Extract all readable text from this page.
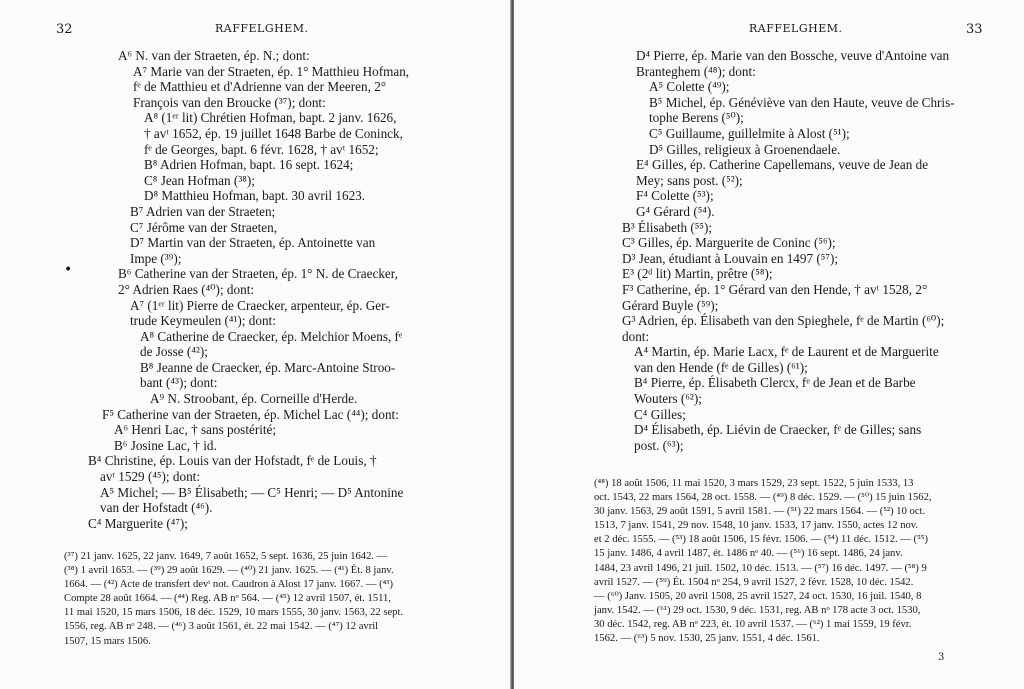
32	RAFFELGHEM.
•
A⁶ N. van der Straeten, ép. N.; dont:
A⁷ Marie van der Straeten, ép. 1° Matthieu Hofman,
fᵉ de Matthieu et d'Adrienne van der Meeren, 2°
François van den Broucke (³⁷); dont:
A⁸ (1ᵉʳ lit) Chrétien Hofman, bapt. 2 janv. 1626,
† avᵗ 1652, ép. 19 juillet 1648 Barbe de Coninck,
fᵉ de Georges, bapt. 6 févr. 1628, † avᵗ 1652;
B⁸ Adrien Hofman, bapt. 16 sept. 1624;
C⁸ Jean Hofman (³⁸);
D⁸ Matthieu Hofman, bapt. 30 avril 1623.
B⁷ Adrien van der Straeten;
C⁷ Jérôme van der Straeten,
D⁷ Martin van der Straeten, ép. Antoinette van
Impe (³⁹);
B⁶ Catherine van der Straeten, ép. 1° N. de Craecker,
2° Adrien Raes (⁴⁰); dont:
A⁷ (1ᵉʳ lit) Pierre de Craecker, arpenteur, ép. Ger-
trude Keymeulen (⁴¹); dont:
A⁸ Catherine de Craecker, ép. Melchior Moens, fᵉ
de Josse (⁴²);
B⁸ Jeanne de Craecker, ép. Marc-Antoine Stroo-
bant (⁴³); dont:
A⁹ N. Stroobant, ép. Corneille d'Herde.
F⁵ Catherine van der Straeten, ép. Michel Lac (⁴⁴); dont:
A⁶ Henri Lac, † sans postérité;
B⁶ Josine Lac, † id.
B⁴ Christine, ép. Louis van der Hofstadt, fᵉ de Louis, †
avᵗ 1529 (⁴⁵); dont:
A⁵ Michel; — B⁵ Élisabeth; — C⁵ Henri; — D⁵ Antonine
van der Hofstadt (⁴⁶).
C⁴ Marguerite (⁴⁷);
(³⁷) 21 janv. 1625, 22 janv. 1649, 7 août 1652, 5 sept. 1636, 25 juin 1642. —
(³⁸) 1 avril 1653. — (³⁹) 29 août 1629. — (⁴⁰) 21 janv. 1625. — (⁴¹) Ét. 8 janv.
1664. — (⁴²) Acte de transfert devᵗ not. Caudron à Alost 17 janv. 1667. — (⁴³)
Compte 28 août 1664. — (⁴⁴) Reg. AB nᵒ 564. — (⁴⁵) 12 avril 1507, ét. 1511,
11 mai 1520, 15 mars 1506, 18 déc. 1529, 10 mars 1555, 30 janv. 1563, 22 sept.
1556, reg. AB nᵒ 248. — (⁴⁶) 3 août 1561, ét. 22 mai 1542. — (⁴⁷) 12 avril
1507, 15 mars 1506.
RAFFELGHEM.	33
D⁴ Pierre, ép. Marie van den Bossche, veuve d'Antoine van
Branteghem (⁴⁸); dont:
A⁵ Colette (⁴⁹);
B⁵ Michel, ép. Généviève van den Haute, veuve de Chris-
tophe Berens (⁵⁰);
C⁵ Guillaume, guillelmite à Alost (⁵¹);
D⁵ Gilles, religieux à Groenendaele.
E⁴ Gilles, ép. Catherine Capellemans, veuve de Jean de
Mey; sans post. (⁵²);
F⁴ Colette (⁵³);
G⁴ Gérard (⁵⁴).
B³ Élisabeth (⁵⁵);
C³ Gilles, ép. Marguerite de Coninc (⁵⁶);
D³ Jean, étudiant à Louvain en 1497 (⁵⁷);
E³ (2ᵈ lit) Martin, prêtre (⁵⁸);
F³ Catherine, ép. 1° Gérard van den Hende, † avᵗ 1528, 2°
Gérard Buyle (⁵⁹);
G³ Adrien, ép. Élisabeth van den Spieghele, fᵉ de Martin (⁶⁰);
dont:
A⁴ Martin, ép. Marie Lacx, fᵉ de Laurent et de Marguerite
van den Hende (fᵉ de Gilles) (⁶¹);
B⁴ Pierre, ép. Élisabeth Clercx, fᵉ de Jean et de Barbe
Wouters (⁶²);
C⁴ Gilles;
D⁴ Élisabeth, ép. Liévin de Craecker, fᵉ de Gilles; sans
post. (⁶³);
(⁴⁸) 18 août 1506, 11 mai 1520, 3 mars 1529, 23 sept. 1522, 5 juin 1533, 13
oct. 1543, 22 mars 1564, 28 oct. 1558. — (⁴⁹) 8 déc. 1529. — (⁵⁰) 15 juin 1562,
30 janv. 1563, 29 août 1591, 5 avril 1581. — (⁵¹) 22 mars 1564. — (⁵²) 10 oct.
1513, 7 janv. 1541, 29 nov. 1548, 10 janv. 1533, 17 janv. 1550, actes 12 nov.
et 2 déc. 1555. — (⁵³) 18 août 1506, 15 févr. 1506. — (⁵⁴) 11 déc. 1512. — (⁵⁵)
15 janv. 1486, 4 avril 1487, ét. 1486 nᵒ 40. — (⁵⁶) 16 sept. 1486, 24 janv.
1484, 23 avril 1496, 21 juil. 1502, 10 déc. 1513. — (⁵⁷) 16 déc. 1497. — (⁵⁸) 9
avril 1527. — (⁵⁹) Ét. 1504 nᵒ 254, 9 avril 1527, 2 févr. 1528, 10 déc. 1542.
— (⁶⁰) Janv. 1505, 20 avril 1508, 25 avril 1527, 24 oct. 1530, 16 juil. 1540, 8
janv. 1542. — (⁶¹) 29 oct. 1530, 9 déc. 1531, reg. AB nᵒ 178 acte 3 oct. 1530,
30 déc. 1542, reg. AB nᵒ 223, ét. 10 avril 1537. — (⁶²) 1 mai 1559, 19 févr.
1562. — (⁶³) 5 nov. 1530, 25 janv. 1551, 4 déc. 1561.
3
